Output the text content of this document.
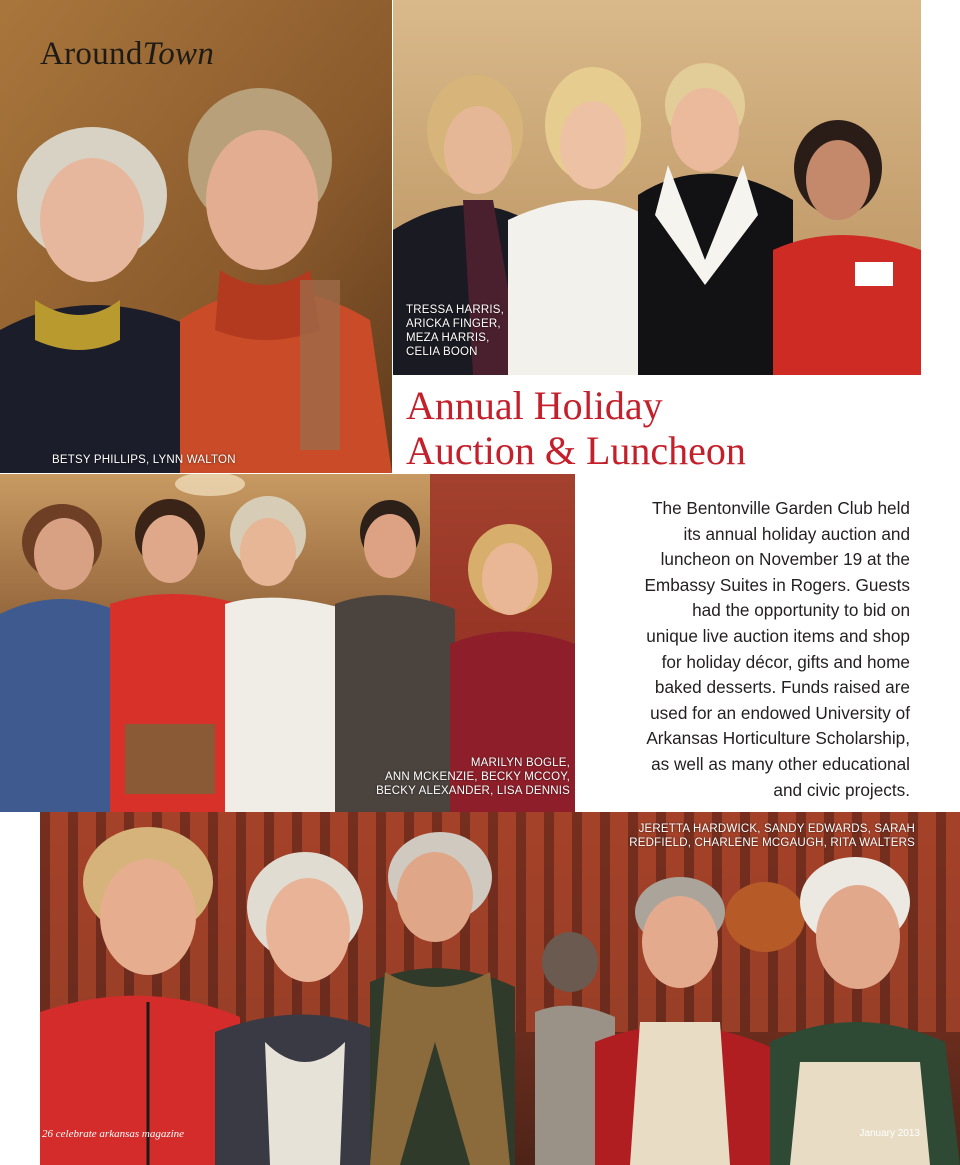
AroundTown
BETSY PHILLIPS, LYNN WALTON
TRESSA HARRIS,
ARICKA FINGER,
MEZA HARRIS,
CELIA BOON
MARILYN BOGLE,
ANN MCKENZIE, BECKY MCCOY,
BECKY ALEXANDER, LISA DENNIS
JERETTA HARDWICK, SANDY EDWARDS, SARAH
REDFIELD, CHARLENE MCGAUGH, RITA WALTERS
Annual Holiday
Auction & Luncheon
The Bentonville Garden Club held
its annual holiday auction and
luncheon on November 19 at the
Embassy Suites in Rogers. Guests
had the opportunity to bid on
unique live auction items and shop
for holiday décor, gifts and home
baked desserts. Funds raised are
used for an endowed University of
Arkansas Horticulture Scholarship,
as well as many other educational
and civic projects.
26 celebrate arkansas magazine	January 2013
